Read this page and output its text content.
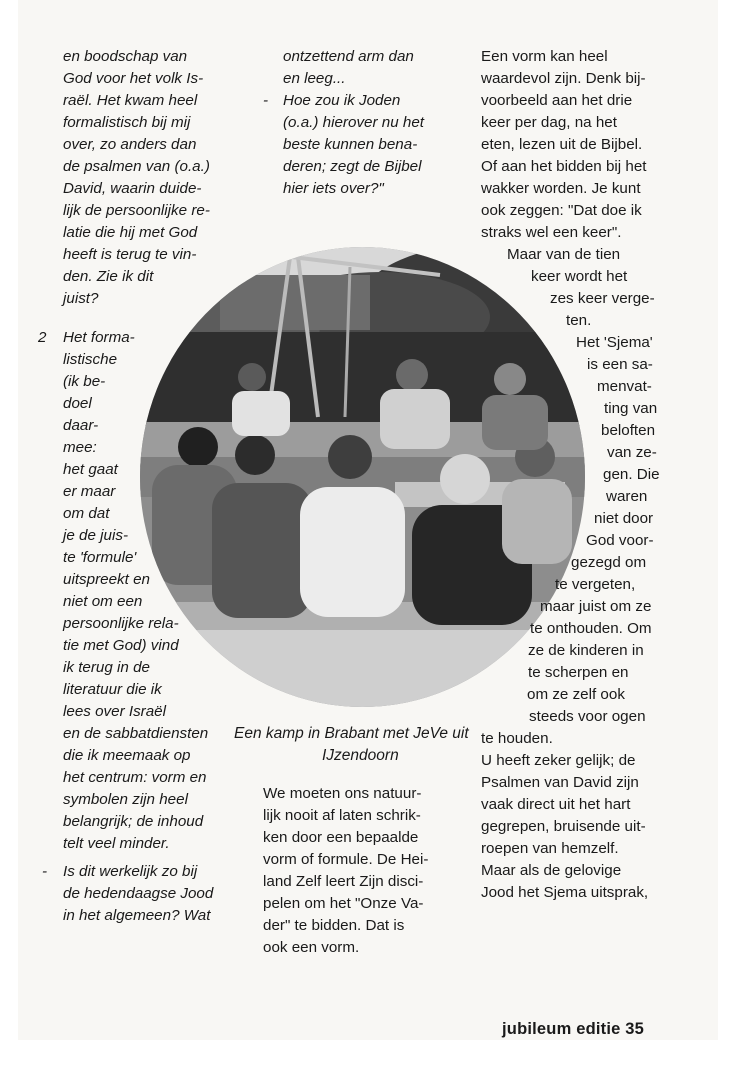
en boodschap van
God voor het volk Is-
raël. Het kwam heel
formalistisch bij mij
over, zo anders dan
de psalmen van (o.a.)
David, waarin duide-
lijk de persoonlijke re-
latie die hij met God
heeft is terug te vin-
den. Zie ik dit
juist?
2 Het forma-
listische
(ik be-
doel
daar-
mee:
het gaat
er maar
om dat
je de juis-
te 'formule'
uitspreekt en
niet om een
persoonlijke rela-
tie met God) vind
ik terug in de
literatuur die ik
lees over Israël
en de sabbatdiensten
die ik meemaak op
het centrum: vorm en
symbolen zijn heel
belangrijk; de inhoud
telt veel minder.
- Is dit werkelijk zo bij
de hedendaagse Jood
in het algemeen? Wat
ontzettend arm dan
en leeg...
- Hoe zou ik Joden
(o.a.) hierover nu het
beste kunnen bena-
deren; zegt de Bijbel
hier iets over?"
Een kamp in Brabant met JeVe uit
IJzendoorn
We moeten ons natuur-
lijk nooit af laten schrik-
ken door een bepaalde
vorm of formule. De Hei-
land Zelf leert Zijn disci-
pelen om het "Onze Va-
der" te bidden. Dat is
ook een vorm.
Een vorm kan heel
waardevol zijn. Denk bij-
voorbeeld aan het drie
keer per dag, na het
eten, lezen uit de Bijbel.
Of aan het bidden bij het
wakker worden. Je kunt
ook zeggen: "Dat doe ik
straks wel een keer".
Maar van de tien
keer wordt het
zes keer verge-
ten.
Het 'Sjema'
is een sa-
menvat-
ting van
beloften
van ze-
gen. Die
waren
niet door
God voor-
gezegd om
te vergeten,
maar juist om ze
te onthouden. Om
ze de kinderen in
te scherpen en
om ze zelf ook
steeds voor ogen
te houden.
U heeft zeker gelijk; de
Psalmen van David zijn
vaak direct uit het hart
gegrepen, bruisende uit-
roepen van hemzelf.
Maar als de gelovige
Jood het Sjema uitsprak,
jubileum editie 35
